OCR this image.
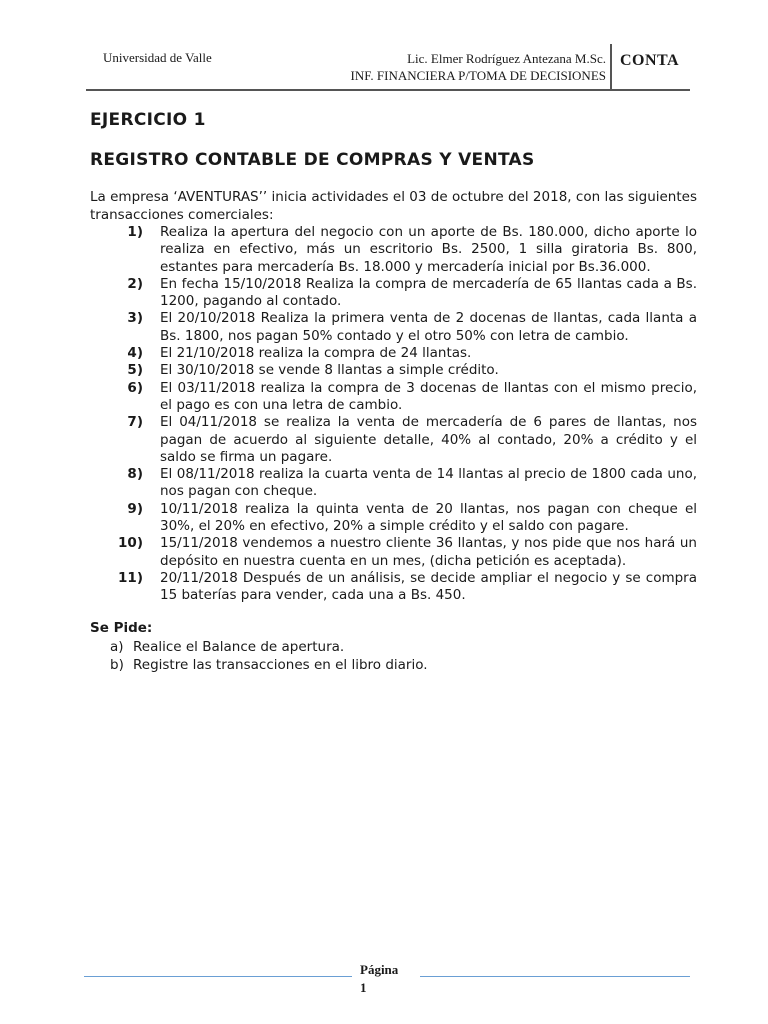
Universidad de Valle	Lic. Elmer Rodríguez Antezana M.Sc.
INF. FINANCIERA P/TOMA DE DECISIONES
CONTA
EJERCICIO 1
REGISTRO CONTABLE DE COMPRAS Y VENTAS

La empresa ‘AVENTURAS’’ inicia actividades el 03 de octubre del 2018, con las siguientes transacciones comerciales:

1)	Realiza la apertura del negocio con un aporte de Bs. 180.000, dicho aporte lo realiza en efectivo, más un escritorio Bs. 2500, 1 silla giratoria Bs. 800, estantes para mercadería Bs. 18.000 y mercadería inicial por Bs.36.000.
2)	En fecha 15/10/2018 Realiza la compra de mercadería de 65 llantas cada a Bs. 1200, pagando al contado.
3)	El 20/10/2018 Realiza la primera venta de 2 docenas de llantas, cada llanta a Bs. 1800, nos pagan 50% contado y el otro 50% con letra de cambio.
4)	El 21/10/2018 realiza la compra de 24 llantas.
5)	El 30/10/2018 se vende 8 llantas a simple crédito.
6)	El 03/11/2018 realiza la compra de 3 docenas de llantas con el mismo precio, el pago es con una letra de cambio.
7)	El 04/11/2018 se realiza la venta de mercadería de 6 pares de llantas, nos pagan de acuerdo al siguiente detalle, 40% al contado, 20% a crédito y el saldo se firma un pagare.
8)	El 08/11/2018 realiza la cuarta venta de 14 llantas al precio de 1800 cada uno, nos pagan con cheque.
9)	10/11/2018 realiza la quinta venta de 20 llantas, nos pagan con cheque el 30%, el 20% en efectivo, 20% a simple crédito y el saldo con pagare.
10)	15/11/2018 vendemos a nuestro cliente 36 llantas, y nos pide que nos hará un depósito en nuestra cuenta en un mes, (dicha petición es aceptada).
11)	20/11/2018 Después de un análisis, se decide ampliar el negocio y se compra 15 baterías para vender, cada una a Bs. 450.
Se Pide:
a) Realice el Balance de apertura.
b) Registre las transacciones en el libro diario.
Página
1
